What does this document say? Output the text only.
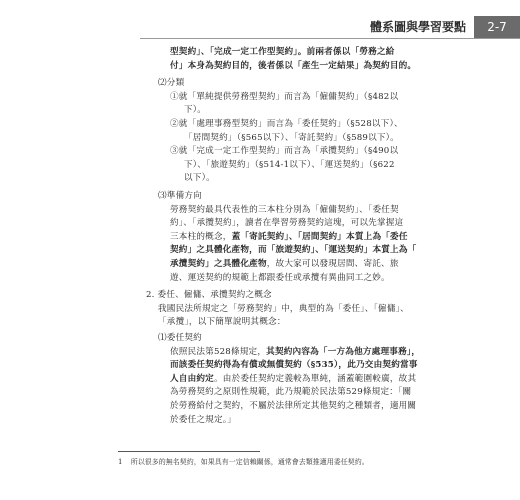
體系圖與學習要點	2-7
型契約」、「完成一定工作型契約」。前兩者係以「勞務之給
付」本身為契約目的，後者係以「產生一定結果」為契約目的。
⑵分類
①就「單純提供勞務型契約」而言為「僱傭契約」（§482以
下）。
②就「處理事務型契約」而言為「委任契約」（§528以下）、
「居間契約」（§565以下）、「寄託契約」（§589以下）。
③就「完成一定工作型契約」而言為「承攬契約」（§490以
下）、「旅遊契約」（§514-1以下）、「運送契約」（§622
以下）。
⑶準備方向
勞務契約最具代表性的三本柱分別為「僱傭契約」、「委任契
約」、「承攬契約」，讀者在學習勞務契約這塊，可以先掌握這
三本柱的概念，蓋「寄託契約」、「居間契約」本質上為「委任
契約」之具體化產物，而「旅遊契約」、「運送契約」本質上為「
承攬契約」之具體化產物，故大家可以發現居間、寄託、旅
遊、運送契約的規範上都跟委任或承攬有異曲同工之妙。
2. 委任、僱傭、承攬契約之概念
我國民法所規定之「勞務契約」中，典型的為「委任」、「僱傭」、
「承攬」，以下簡單說明其概念：
⑴委任契約
1 所以很多的無名契約，如果具有一定信賴關係，通常會去類推適用委任契約。
依照民法第528條規定，其契約內容為「一方為他方處理事務」，
而該委任契約得為有償或無償契約（§535），此乃交由契約當事
人自由約定。由於委任契約定義較為單純，涵蓋範圍較廣，故其
為勞務契約之原則性規範，此乃規範於民法第529條規定：「關
於勞務給付之契約，不屬於法律所定其他契約之種類者，適用關
於委任之規定。」
